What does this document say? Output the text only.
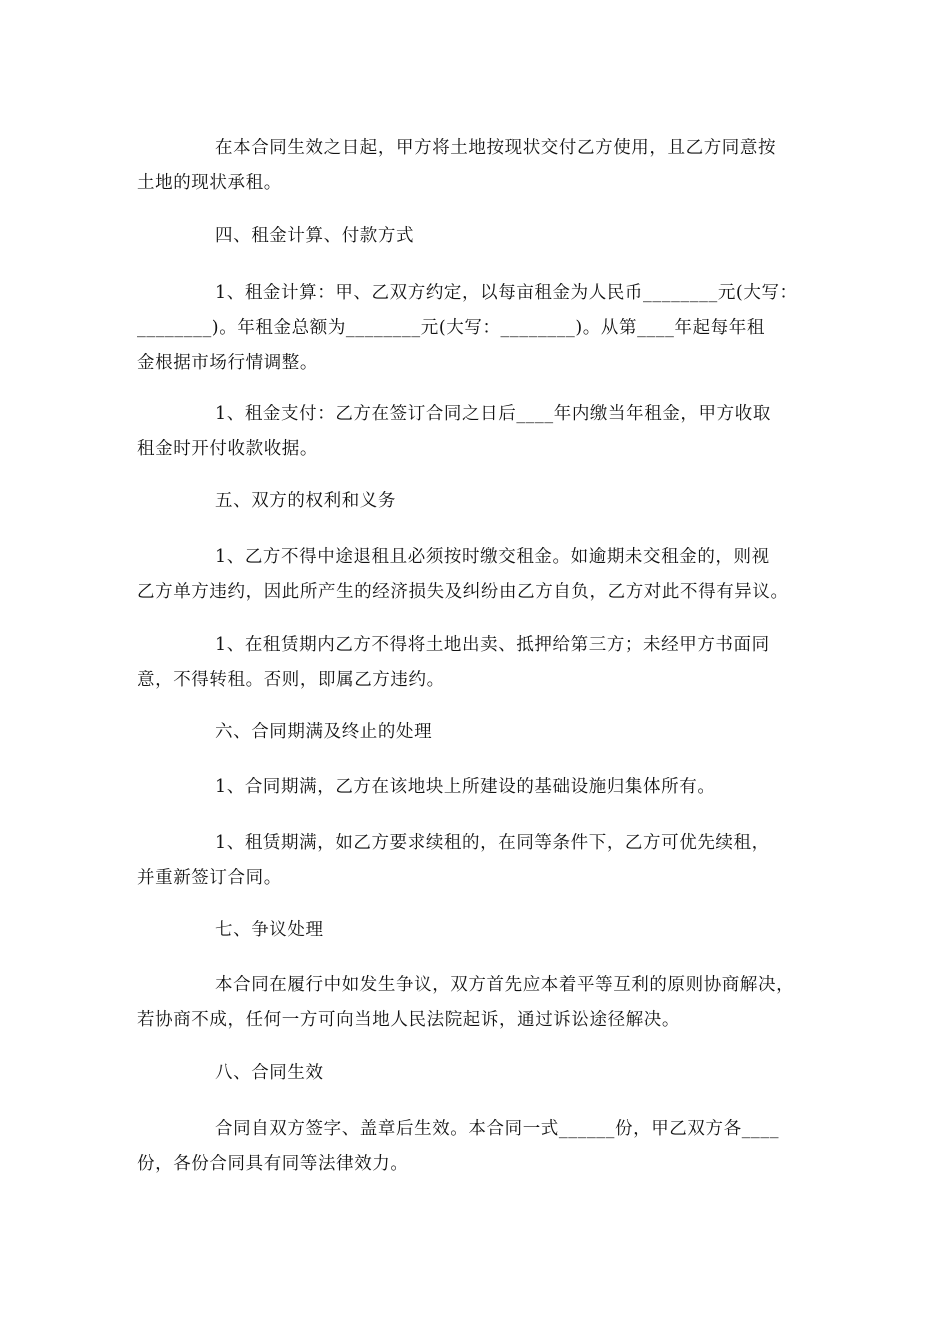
在本合同生效之日起，甲方将土地按现状交付乙方使用，且乙方同意按
土地的现状承租。
四、租金计算、付款方式
1、租金计算：甲、乙双方约定，以每亩租金为人民币________元(大写：
________)。年租金总额为________元(大写：________)。从第____年起每年租
金根据市场行情调整。
1、租金支付：乙方在签订合同之日后____年内缴当年租金，甲方收取
租金时开付收款收据。
五、双方的权利和义务
1、乙方不得中途退租且必须按时缴交租金。如逾期未交租金的，则视
乙方单方违约，因此所产生的经济损失及纠纷由乙方自负，乙方对此不得有异议。
1、在租赁期内乙方不得将土地出卖、抵押给第三方；未经甲方书面同
意，不得转租。否则，即属乙方违约。
六、合同期满及终止的处理
1、合同期满，乙方在该地块上所建设的基础设施归集体所有。
1、租赁期满，如乙方要求续租的，在同等条件下，乙方可优先续租，
并重新签订合同。
七、争议处理
本合同在履行中如发生争议，双方首先应本着平等互利的原则协商解决，
若协商不成，任何一方可向当地人民法院起诉，通过诉讼途径解决。
八、合同生效
合同自双方签字、盖章后生效。本合同一式______份，甲乙双方各____
份，各份合同具有同等法律效力。
